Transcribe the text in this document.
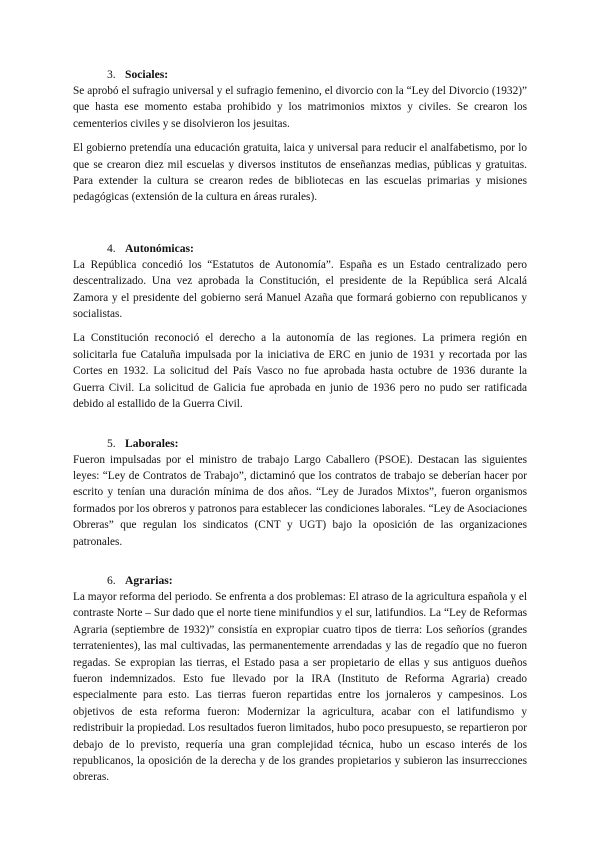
3. Sociales:

Se aprobó el sufragio universal y el sufragio femenino, el divorcio con la “Ley del Divorcio (1932)” que hasta ese momento estaba prohibido y los matrimonios mixtos y civiles. Se crearon los cementerios civiles y se disolvieron los jesuitas.

El gobierno pretendía una educación gratuita, laica y universal para reducir el analfabetismo, por lo que se crearon diez mil escuelas y diversos institutos de enseñanzas medias, públicas y gratuitas. Para extender la cultura se crearon redes de bibliotecas en las escuelas primarias y misiones pedagógicas (extensión de la cultura en áreas rurales).

4. Autonómicas:

La República concedió los “Estatutos de Autonomía”. España es un Estado centralizado pero descentralizado. Una vez aprobada la Constitución, el presidente de la República será Alcalá Zamora y el presidente del gobierno será Manuel Azaña que formará gobierno con republicanos y socialistas.

La Constitución reconoció el derecho a la autonomía de las regiones. La primera región en solicitarla fue Cataluña impulsada por la iniciativa de ERC en junio de 1931 y recortada por las Cortes en 1932. La solicitud del País Vasco no fue aprobada hasta octubre de 1936 durante la Guerra Civil. La solicitud de Galicia fue aprobada en junio de 1936 pero no pudo ser ratificada debido al estallido de la Guerra Civil.

5. Laborales:

Fueron impulsadas por el ministro de trabajo Largo Caballero (PSOE). Destacan las siguientes leyes: “Ley de Contratos de Trabajo”, dictaminó que los contratos de trabajo se deberían hacer por escrito y tenían una duración mínima de dos años. “Ley de Jurados Mixtos”, fueron organismos formados por los obreros y patronos para establecer las condiciones laborales. “Ley de Asociaciones Obreras” que regulan los sindicatos (CNT y UGT) bajo la oposición de las organizaciones patronales.

6. Agrarias:

La mayor reforma del periodo. Se enfrenta a dos problemas: El atraso de la agricultura española y el contraste Norte – Sur dado que el norte tiene minifundios y el sur, latifundios. La “Ley de Reformas Agraria (septiembre de 1932)” consistía en expropiar cuatro tipos de tierra: Los señoríos (grandes terratenientes), las mal cultivadas, las permanentemente arrendadas y las de regadío que no fueron regadas. Se expropian las tierras, el Estado pasa a ser propietario de ellas y sus antiguos dueños fueron indemnizados. Esto fue llevado por la IRA (Instituto de Reforma Agraria) creado especialmente para esto. Las tierras fueron repartidas entre los jornaleros y campesinos. Los objetivos de esta reforma fueron: Modernizar la agricultura, acabar con el latifundismo y redistribuir la propiedad. Los resultados fueron limitados, hubo poco presupuesto, se repartieron por debajo de lo previsto, requería una gran complejidad técnica, hubo un escaso interés de los republicanos, la oposición de la derecha y de los grandes propietarios y subieron las insurrecciones obreras.
